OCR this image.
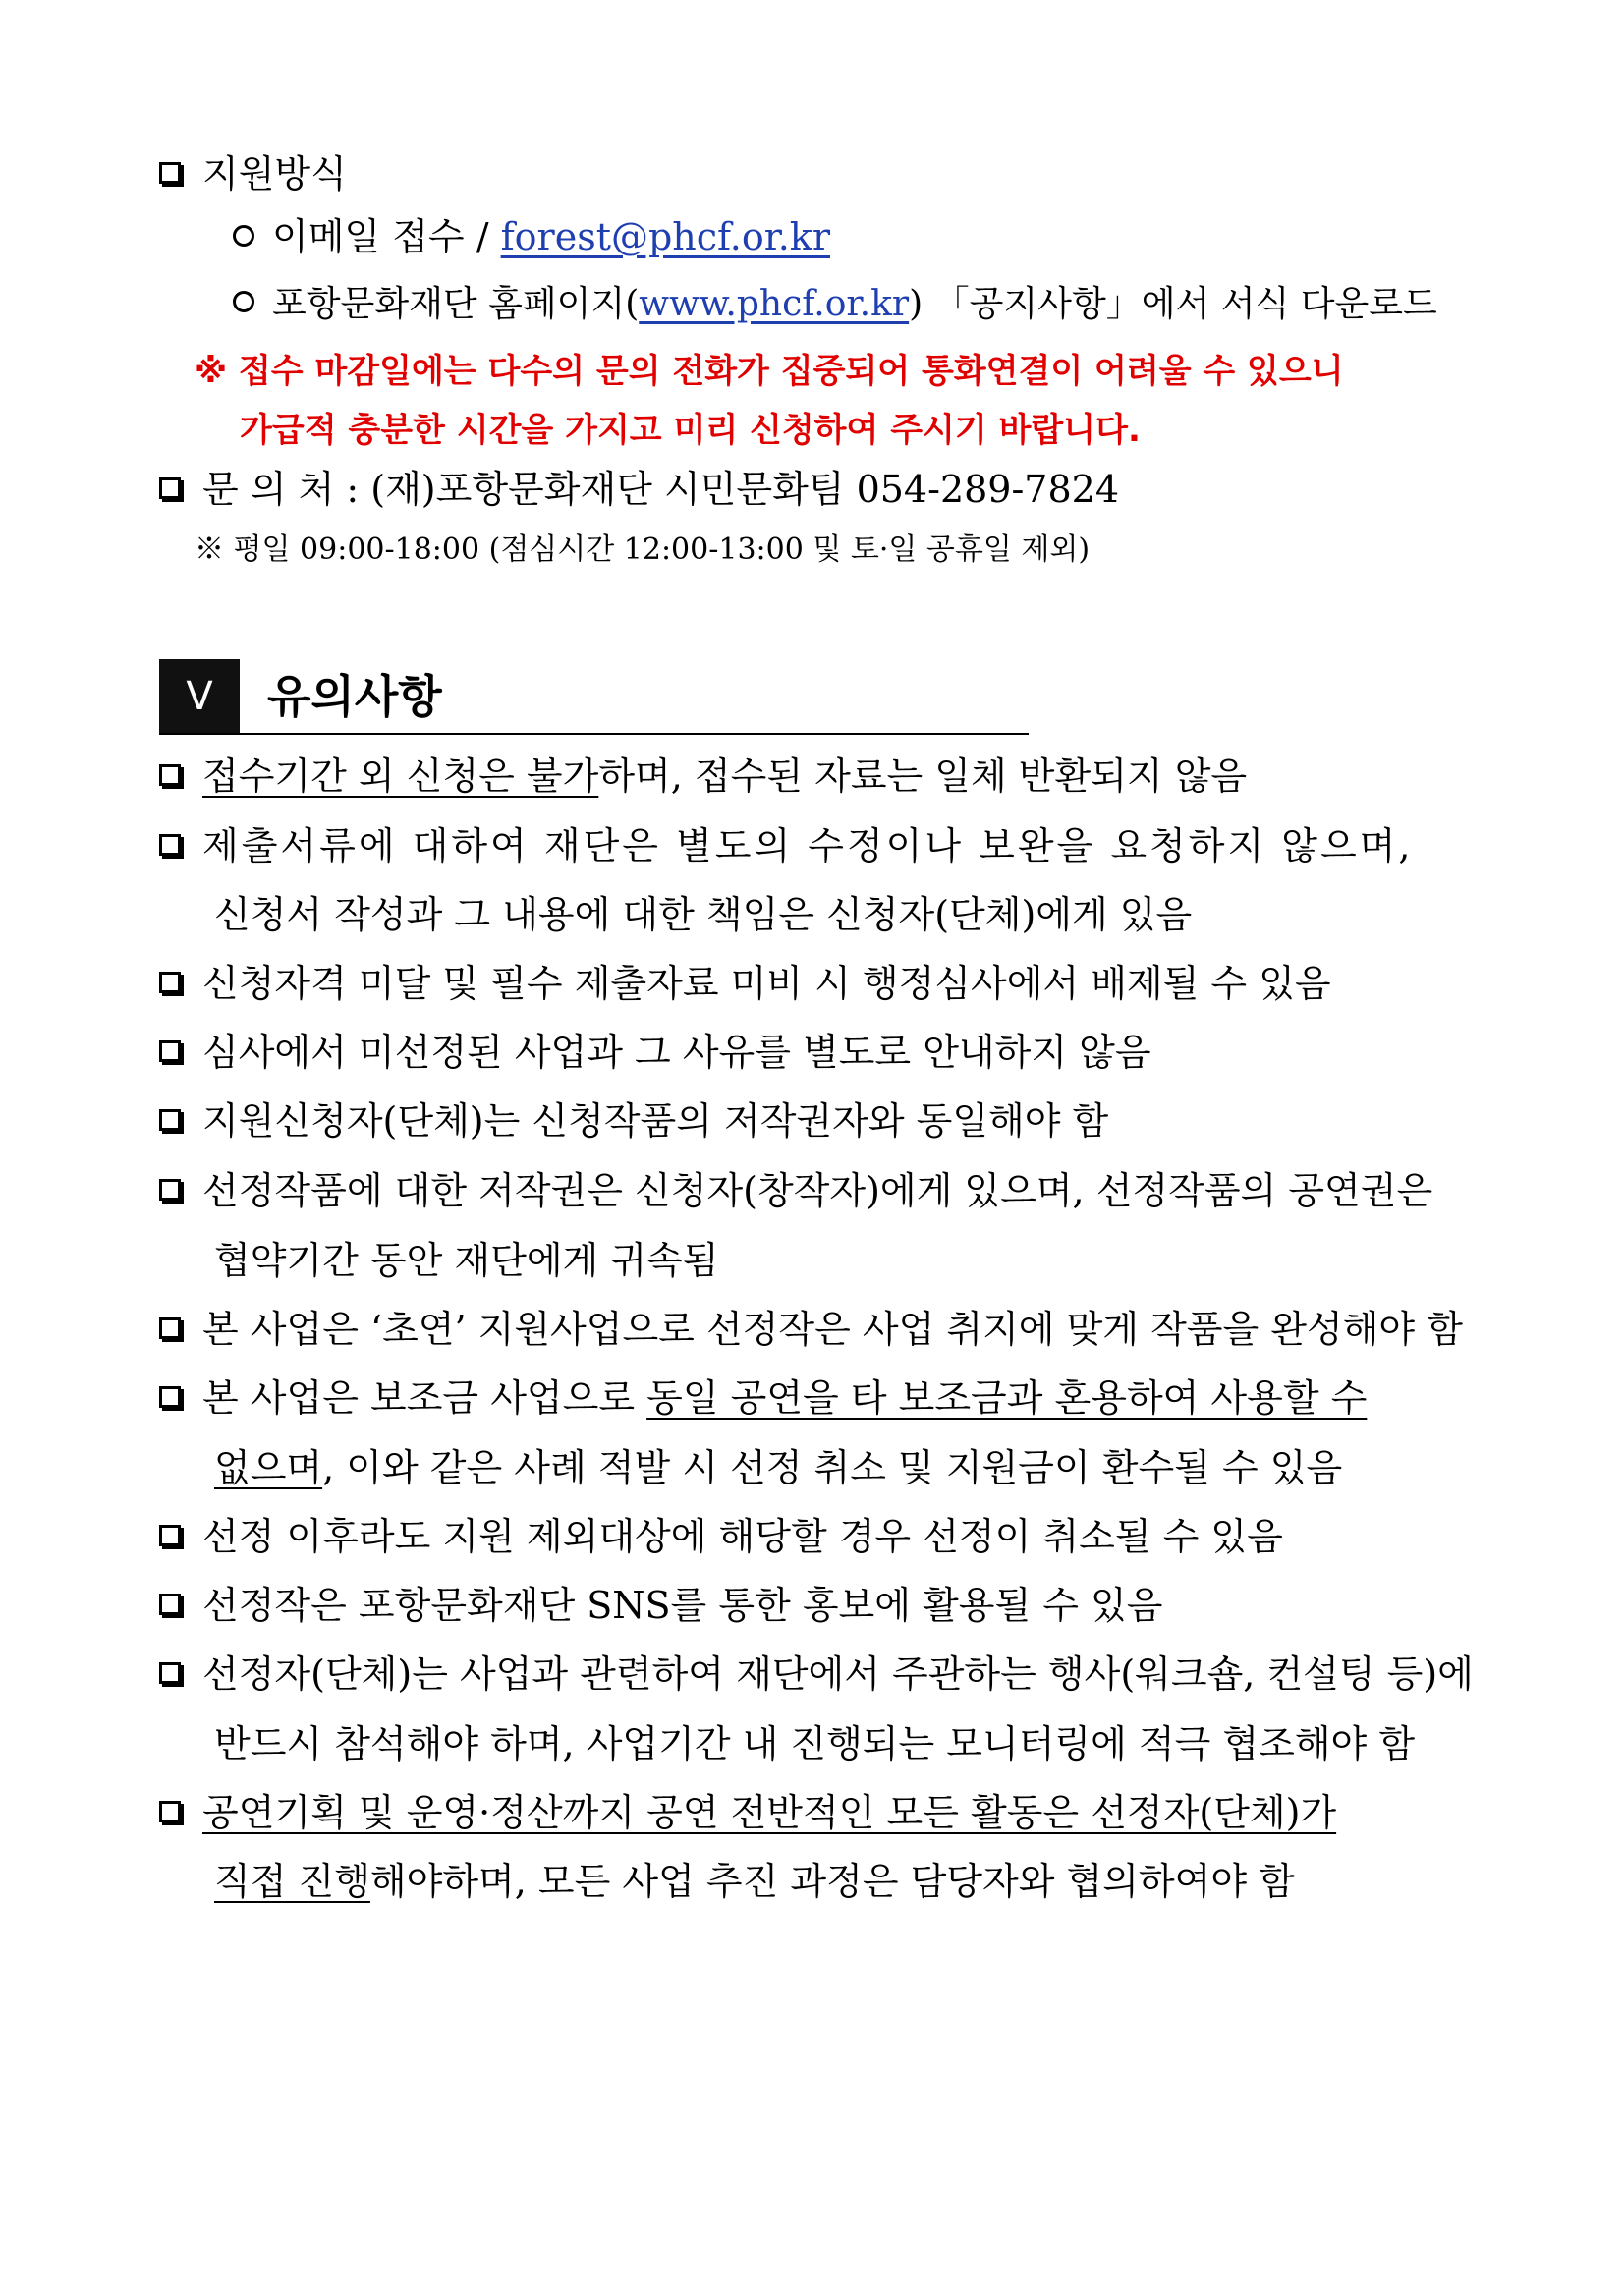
지원방식
이메일 접수 / forest@phcf.or.kr
포항문화재단 홈페이지(www.phcf.or.kr) 「공지사항」에서 서식 다운로드
※ 접수 마감일에는 다수의 문의 전화가 집중되어 통화연결이 어려울 수 있으니
가급적 충분한 시간을 가지고 미리 신청하여 주시기 바랍니다.
문 의 처 : (재)포항문화재단 시민문화팀 054-289-7824
※ 평일 09:00-18:00 (점심시간 12:00-13:00 및 토·일 공휴일 제외)
Ⅴ	유의사항
접수기간 외 신청은 불가하며, 접수된 자료는 일체 반환되지 않음
제출서류에 대하여 재단은 별도의 수정이나 보완을 요청하지 않으며,
신청서 작성과 그 내용에 대한 책임은 신청자(단체)에게 있음
신청자격 미달 및 필수 제출자료 미비 시 행정심사에서 배제될 수 있음
심사에서 미선정된 사업과 그 사유를 별도로 안내하지 않음
지원신청자(단체)는 신청작품의 저작권자와 동일해야 함
선정작품에 대한 저작권은 신청자(창작자)에게 있으며, 선정작품의 공연권은
협약기간 동안 재단에게 귀속됨
본 사업은 ‘초연’ 지원사업으로 선정작은 사업 취지에 맞게 작품을 완성해야 함
본 사업은 보조금 사업으로 동일 공연을 타 보조금과 혼용하여 사용할 수
없으며, 이와 같은 사례 적발 시 선정 취소 및 지원금이 환수될 수 있음
선정 이후라도 지원 제외대상에 해당할 경우 선정이 취소될 수 있음
선정작은 포항문화재단 SNS를 통한 홍보에 활용될 수 있음
선정자(단체)는 사업과 관련하여 재단에서 주관하는 행사(워크숍, 컨설팅 등)에
반드시 참석해야 하며, 사업기간 내 진행되는 모니터링에 적극 협조해야 함
공연기획 및 운영·정산까지 공연 전반적인 모든 활동은 선정자(단체)가
직접 진행해야하며, 모든 사업 추진 과정은 담당자와 협의하여야 함
